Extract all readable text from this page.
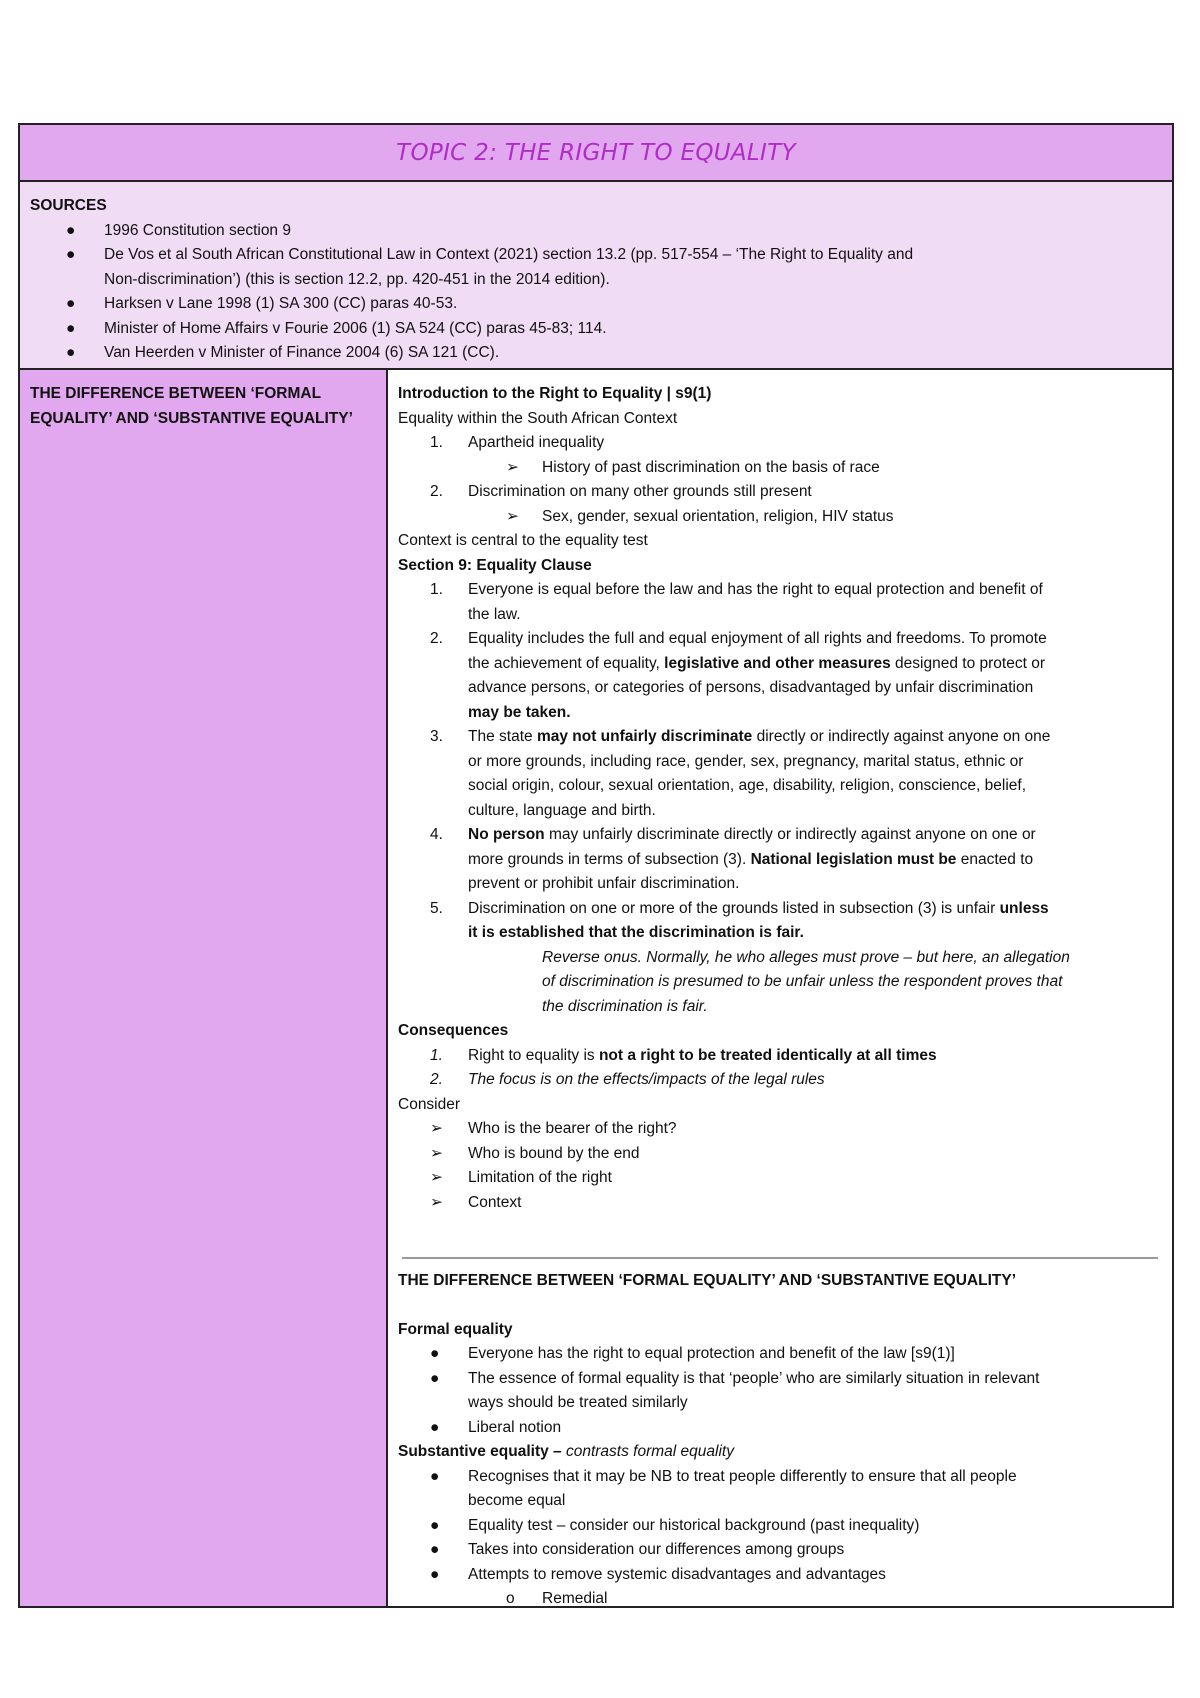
TOPIC 2: THE RIGHT TO EQUALITY
SOURCES
●	1996 Constitution section 9
●	De Vos et al South African Constitutional Law in Context (2021) section 13.2 (pp. 517-554 – ‘The Right to Equality and
Non-discrimination’) (this is section 12.2, pp. 420-451 in the 2014 edition).
●	Harksen v Lane 1998 (1) SA 300 (CC) paras 40-53.
●	Minister of Home Affairs v Fourie 2006 (1) SA 524 (CC) paras 45-83; 114.
●	Van Heerden v Minister of Finance 2004 (6) SA 121 (CC).
THE DIFFERENCE BETWEEN ‘FORMAL
EQUALITY’ AND ‘SUBSTANTIVE EQUALITY’
Introduction to the Right to Equality | s9(1)
Equality within the South African Context
1.	Apartheid inequality
➢	History of past discrimination on the basis of race
2.	Discrimination on many other grounds still present
➢	Sex, gender, sexual orientation, religion, HIV status
Context is central to the equality test
Section 9: Equality Clause
1.	Everyone is equal before the law and has the right to equal protection and benefit of
the law.
2.	Equality includes the full and equal enjoyment of all rights and freedoms. To promote
the achievement of equality, legislative and other measures designed to protect or
advance persons, or categories of persons, disadvantaged by unfair discrimination
may be taken.
3.	The state may not unfairly discriminate directly or indirectly against anyone on one
or more grounds, including race, gender, sex, pregnancy, marital status, ethnic or
social origin, colour, sexual orientation, age, disability, religion, conscience, belief,
culture, language and birth.
4.	No person may unfairly discriminate directly or indirectly against anyone on one or
more grounds in terms of subsection (3). National legislation must be enacted to
prevent or prohibit unfair discrimination.
5.	Discrimination on one or more of the grounds listed in subsection (3) is unfair unless
it is established that the discrimination is fair.
Reverse onus. Normally, he who alleges must prove – but here, an allegation
of discrimination is presumed to be unfair unless the respondent proves that
the discrimination is fair.
Consequences
1.	Right to equality is not a right to be treated identically at all times
2.	The focus is on the effects/impacts of the legal rules
Consider
➢	Who is the bearer of the right?
➢	Who is bound by the end
➢	Limitation of the right
➢	Context
THE DIFFERENCE BETWEEN ‘FORMAL EQUALITY’ AND ‘SUBSTANTIVE EQUALITY’
Formal equality
●	Everyone has the right to equal protection and benefit of the law [s9(1)]
●	The essence of formal equality is that ‘people’ who are similarly situation in relevant
ways should be treated similarly
●	Liberal notion
Substantive equality – contrasts formal equality
●	Recognises that it may be NB to treat people differently to ensure that all people
become equal
●	Equality test – consider our historical background (past inequality)
●	Takes into consideration our differences among groups
●	Attempts to remove systemic disadvantages and advantages
o	Remedial
